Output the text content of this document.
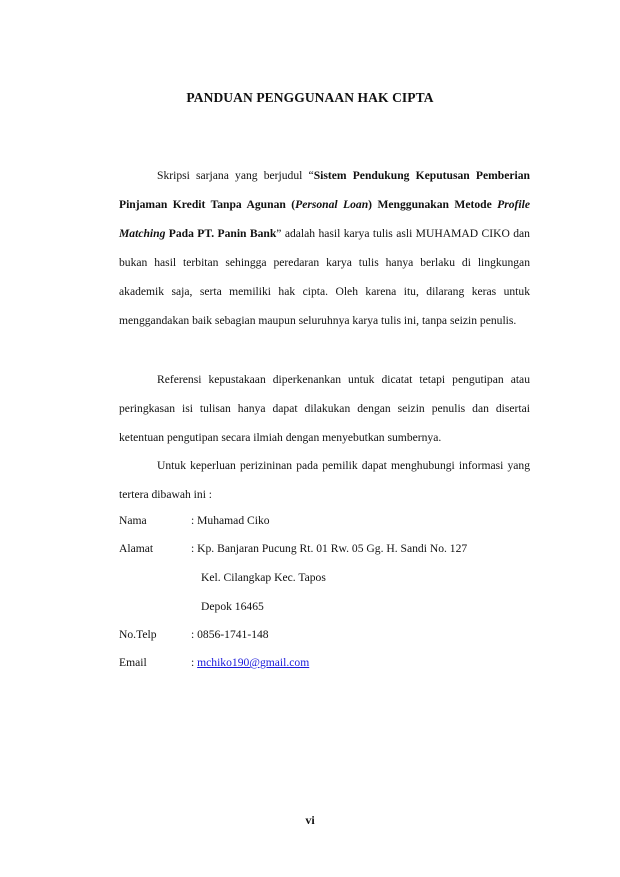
PANDUAN PENGGUNAAN HAK CIPTA

Skripsi sarjana yang berjudul “Sistem Pendukung Keputusan Pemberian Pinjaman Kredit Tanpa Agunan (Personal Loan) Menggunakan Metode Profile Matching Pada PT. Panin Bank” adalah hasil karya tulis asli MUHAMAD CIKO dan bukan hasil terbitan sehingga peredaran karya tulis hanya berlaku di lingkungan akademik saja, serta memiliki hak cipta. Oleh karena itu, dilarang keras untuk menggandakan baik sebagian maupun seluruhnya karya tulis ini, tanpa seizin penulis.

Referensi kepustakaan diperkenankan untuk dicatat tetapi pengutipan atau peringkasan isi tulisan hanya dapat dilakukan dengan seizin penulis dan disertai ketentuan pengutipan secara ilmiah dengan menyebutkan sumbernya.

Untuk keperluan perizininan pada pemilik dapat menghubungi informasi yang tertera dibawah ini :

Nama	: Muhamad Ciko
Alamat	: Kp. Banjaran Pucung Rt. 01 Rw. 05 Gg. H. Sandi No. 127
Kel. Cilangkap Kec. Tapos
Depok 16465
No.Telp	: 0856-1741-148
Email	: mchiko190@gmail.com
vi
